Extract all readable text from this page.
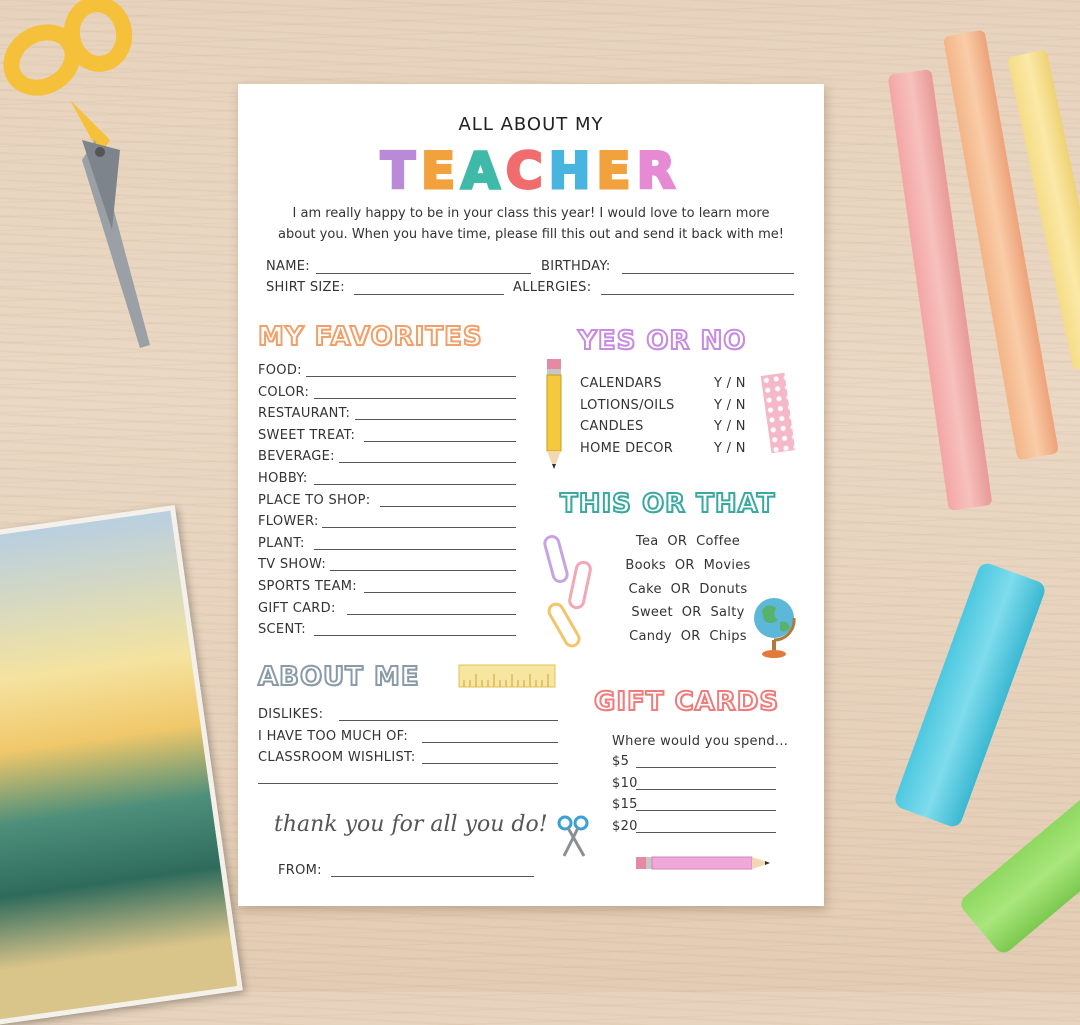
ALL ABOUT MY
TEACHER
I am really happy to be in your class this year! I would love to learn more
about you. When you have time, please fill this out and send it back with me!
NAME:	BIRTHDAY:
SHIRT SIZE:	ALLERGIES:
MY FAVORITES
FOOD:
COLOR:
RESTAURANT:
SWEET TREAT:
BEVERAGE:
HOBBY:
PLACE TO SHOP:
FLOWER:
PLANT:
TV SHOW:
SPORTS TEAM:
GIFT CARD:
SCENT:
YES OR NO
CALENDARS	Y / N
LOTIONS/OILS	Y / N
CANDLES	Y / N
HOME DECOR	Y / N
THIS OR THAT
Tea  OR  Coffee
Books  OR  Movies
Cake  OR  Donuts
Sweet  OR  Salty
Candy  OR  Chips
ABOUT ME
DISLIKES:
I HAVE TOO MUCH OF:
CLASSROOM WISHLIST:
GIFT CARDS
Where would you spend...
$5
$10
$15
$20
thank you for all you do!
FROM:
